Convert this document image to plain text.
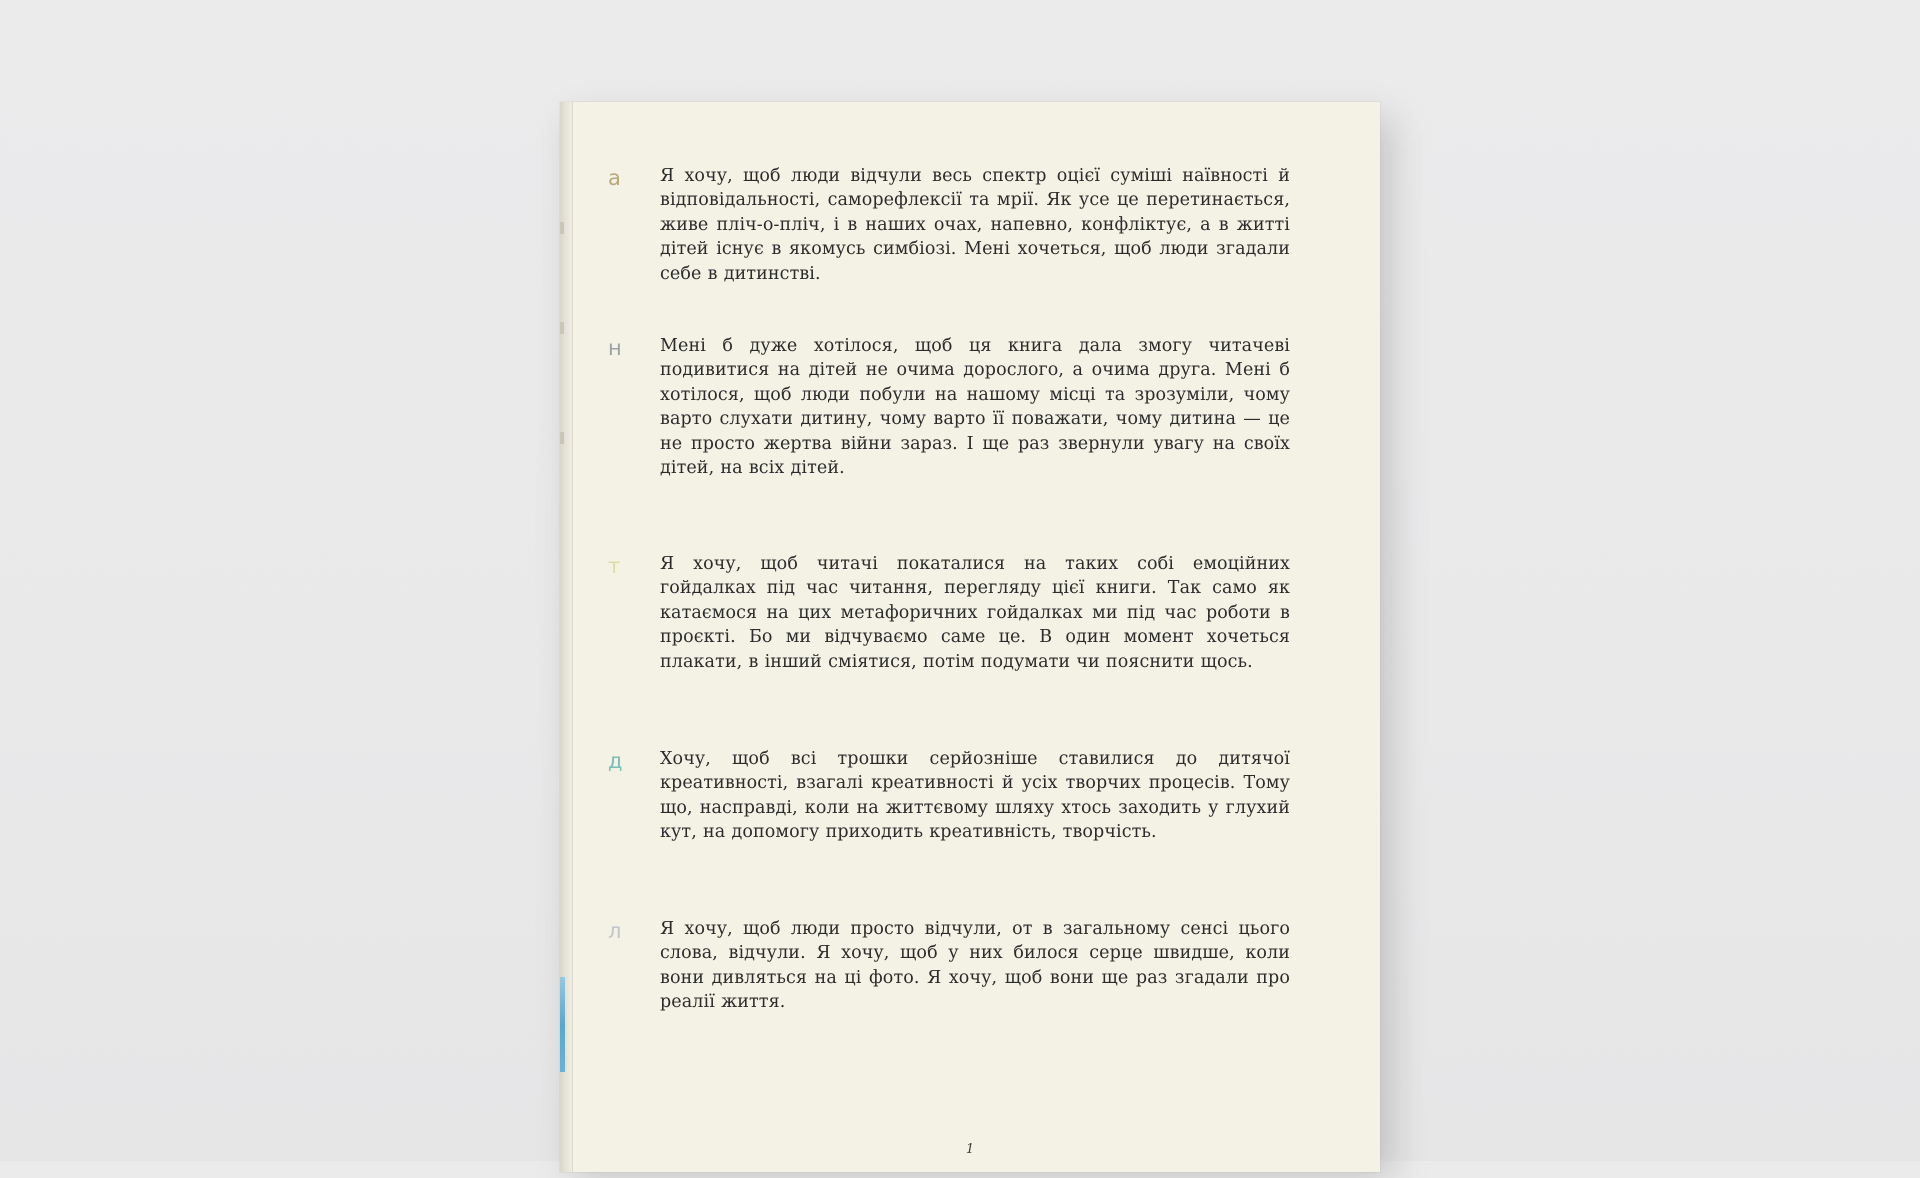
а Я хочу, щоб люди відчули весь спектр оцієї суміші наївності й відповідальності, саморефлексії та мрії. Як усе це перетинається, живе пліч-о-пліч, і в наших очах, напевно, конфліктує, а в житті дітей існує в якомусь симбіозі. Мені хочеться, щоб люди згадали себе в дитинстві.
н Мені б дуже хотілося, щоб ця книга дала змогу читачеві подивитися на дітей не очима дорослого, а очима друга. Мені б хотілося, щоб люди побули на нашому місці та зрозуміли, чому варто слухати дитину, чому варто її поважати, чому дитина — це не просто жертва війни зараз. І ще раз звернули увагу на своїх дітей, на всіх дітей.
т Я хочу, щоб читачі покаталися на таких собі емоційних гойдалках під час читання, перегляду цієї книги. Так само як катаємося на цих метафоричних гойдалках ми під час роботи в проєкті. Бо ми відчуваємо саме це. В один момент хочеться плакати, в інший сміятися, потім подумати чи пояснити щось.
д Хочу, щоб всі трошки серйозніше ставилися до дитячої креативності, взагалі креативності й усіх творчих процесів. Тому що, насправді, коли на життєвому шляху хтось заходить у глухий кут, на допомогу приходить креативність, творчість.
л Я хочу, щоб люди просто відчули, от в загальному сенсі цього слова, відчули. Я хочу, щоб у них билося серце швидше, коли вони дивляться на ці фото. Я хочу, щоб вони ще раз згадали про реалії життя.
1
